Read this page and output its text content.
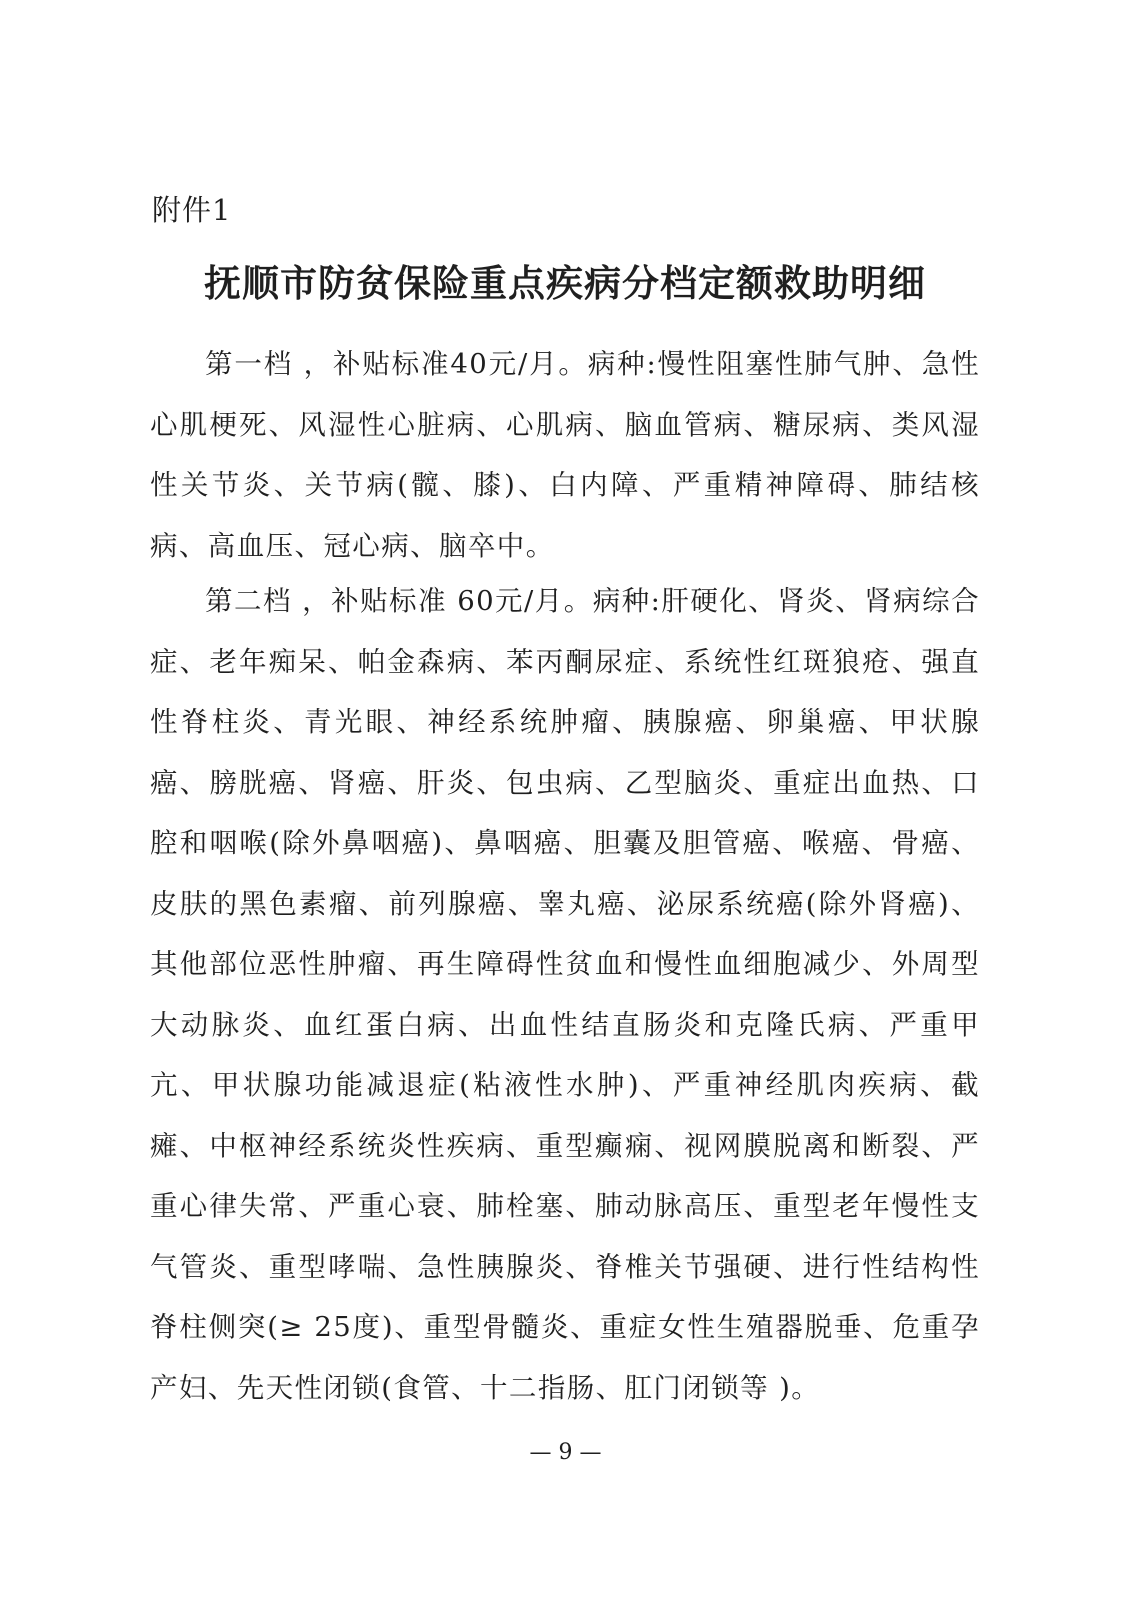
附件1
抚顺市防贫保险重点疾病分档定额救助明细

第一档 ，补贴标准40元/月。病种:慢性阻塞性肺气肿、急性心肌梗死、风湿性心脏病、心肌病、脑血管病、糖尿病、类风湿性关节炎、关节病(髋、膝)、白内障、严重精神障碍、肺结核病、高血压、冠心病、脑卒中。

第二档 ，补贴标准 60元/月。病种:肝硬化、肾炎、肾病综合症、老年痴呆、帕金森病、苯丙酮尿症、系统性红斑狼疮、强直性脊柱炎、青光眼、神经系统肿瘤、胰腺癌、卵巢癌、甲状腺癌、膀胱癌、肾癌、肝炎、包虫病、乙型脑炎、重症出血热、口腔和咽喉(除外鼻咽癌)、鼻咽癌、胆囊及胆管癌、喉癌、骨癌、皮肤的黑色素瘤、前列腺癌、睾丸癌、泌尿系统癌(除外肾癌)、其他部位恶性肿瘤、再生障碍性贫血和慢性血细胞减少、外周型大动脉炎、血红蛋白病、出血性结直肠炎和克隆氏病、严重甲亢、甲状腺功能减退症(粘液性水肿)、严重神经肌肉疾病、截瘫、中枢神经系统炎性疾病、重型癫痫、视网膜脱离和断裂、严重心律失常、严重心衰、肺栓塞、肺动脉高压、重型老年慢性支气管炎、重型哮喘、急性胰腺炎、脊椎关节强硬、进行性结构性脊柱侧突(≥ 25度)、重型骨髓炎、重症女性生殖器脱垂、危重孕产妇、先天性闭锁(食管、十二指肠、肛门闭锁等 )。

— 9 —
